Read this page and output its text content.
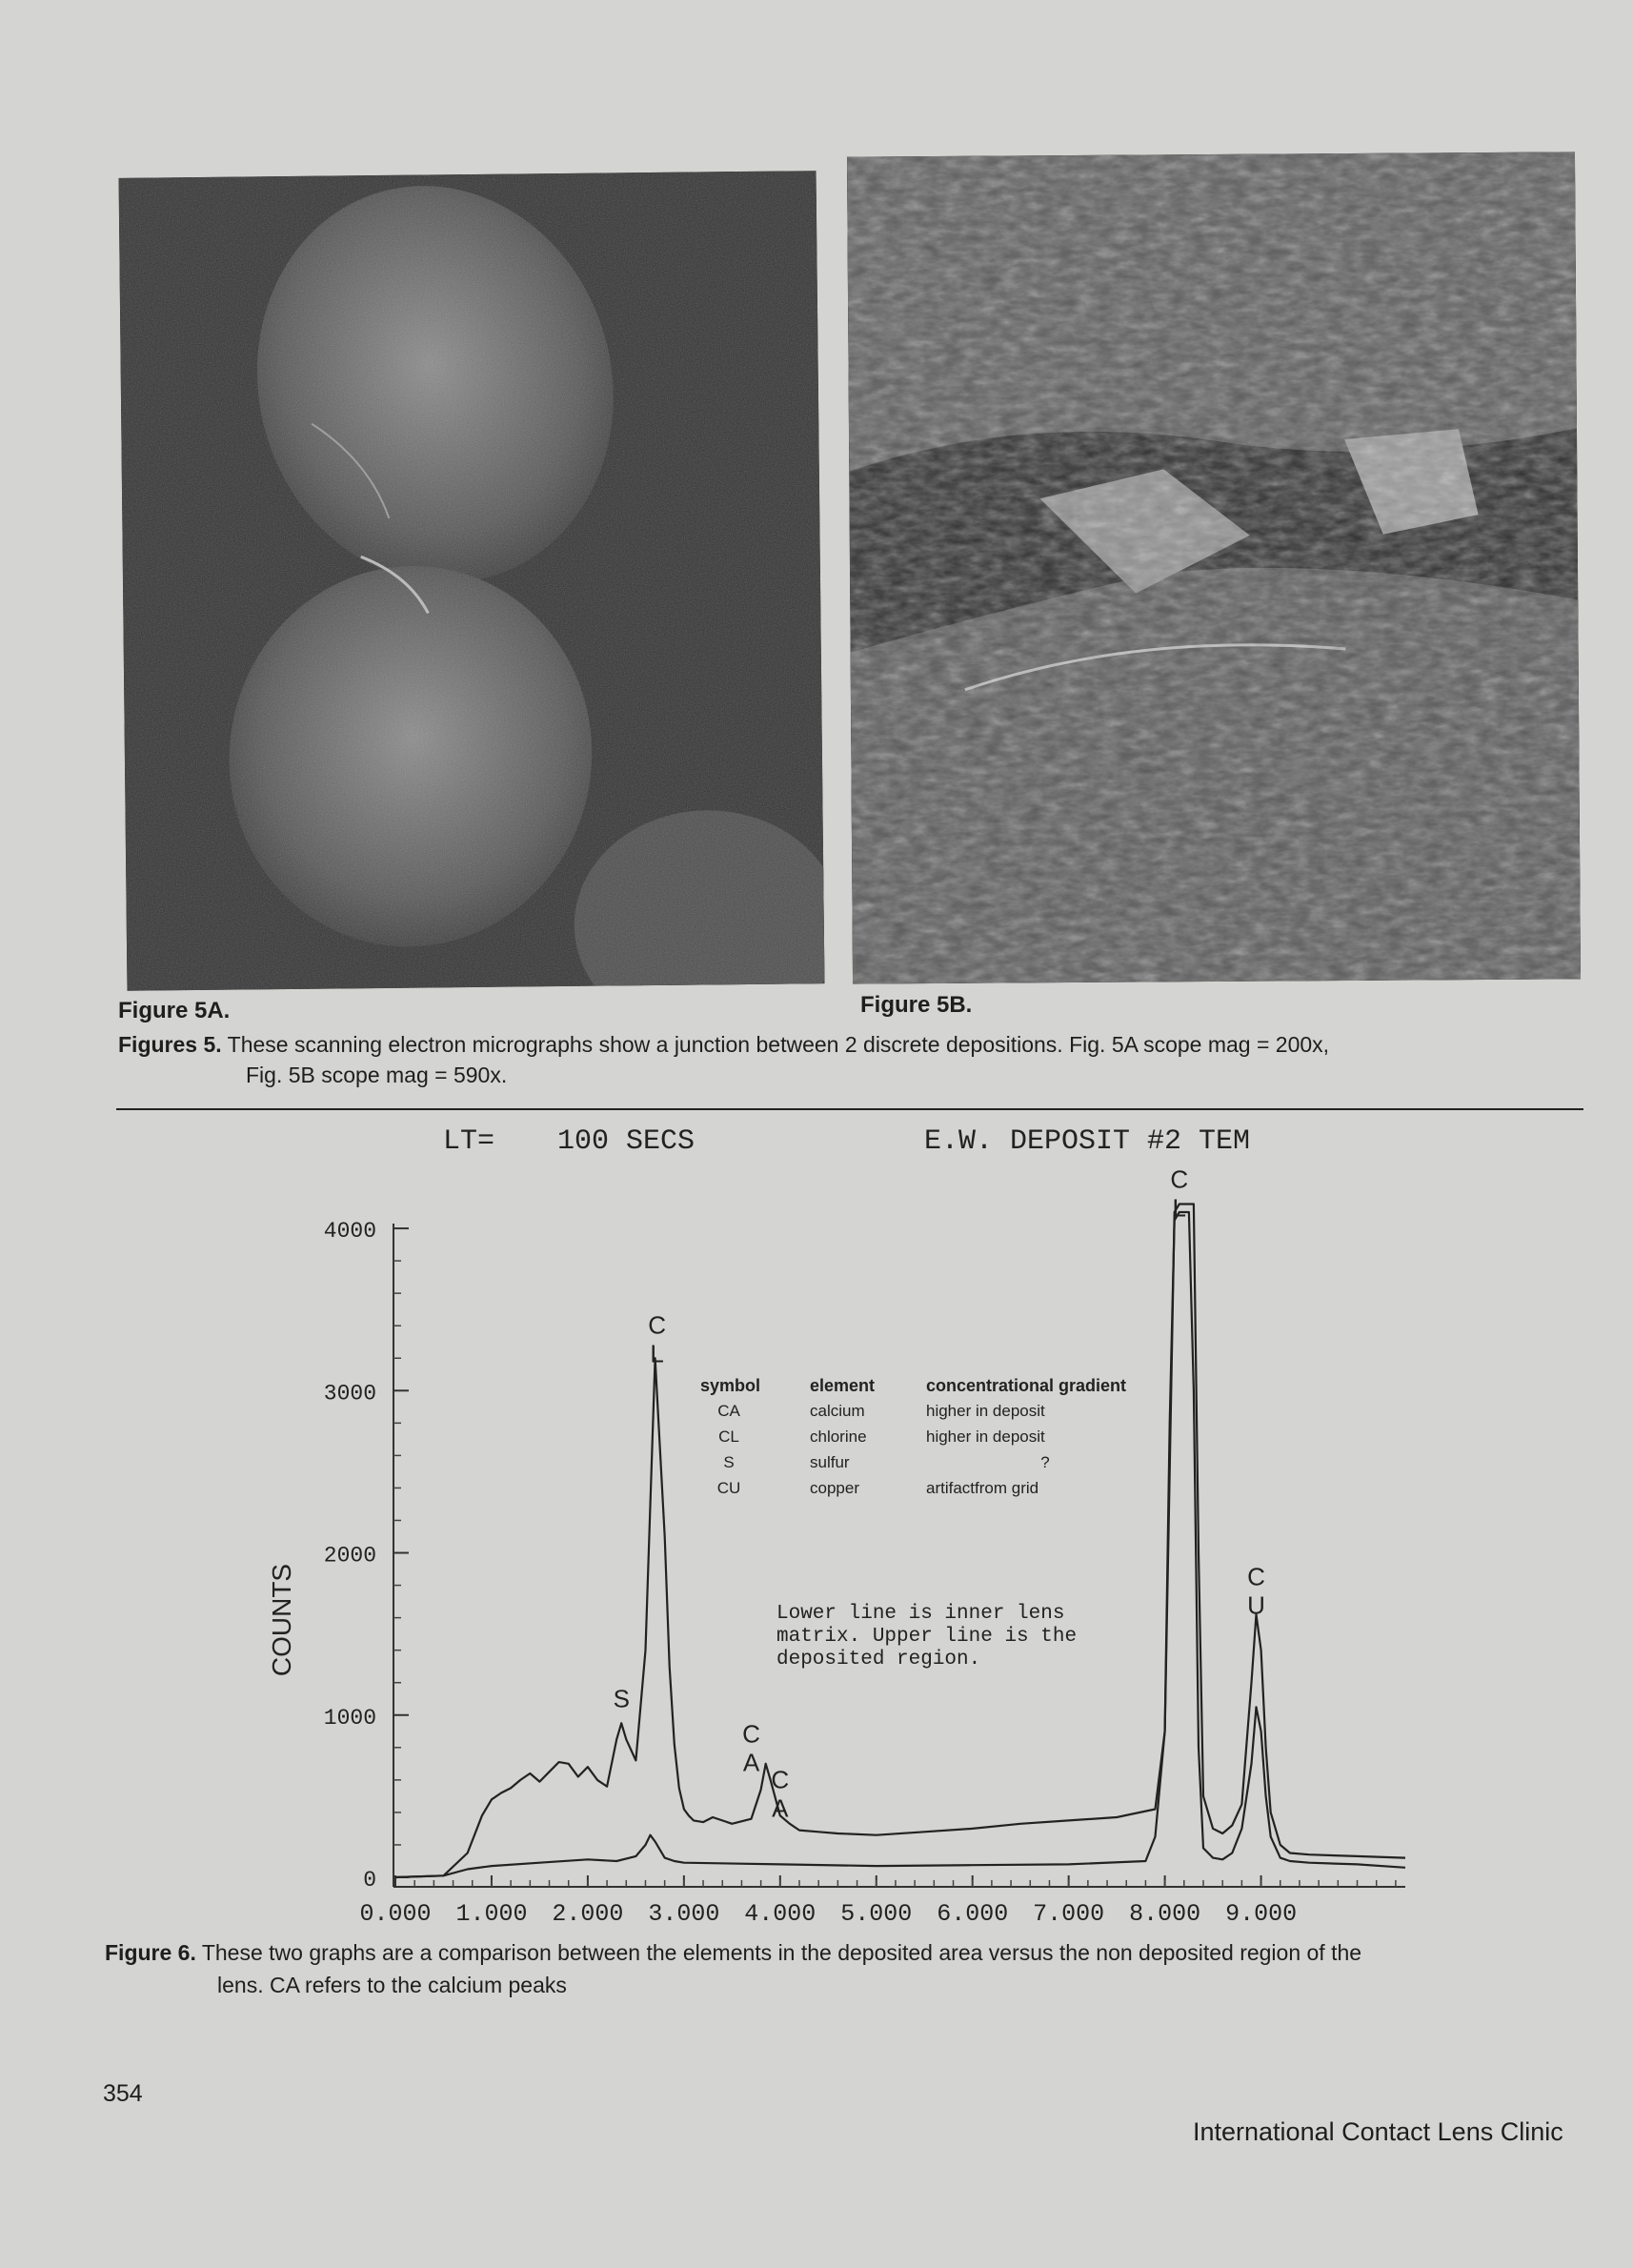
Figure 5A.	Figure 5B.
Figures 5. These scanning electron micrographs show a junction between 2 discrete depositions. Fig. 5A scope mag = 200x,
Fig. 5B scope mag = 590x.
LT= 100 SECS	E.W. DEPOSIT #2 TEM
COUNTS
0
1000
2000
3000
4000
0.000 1.000 2.000 3.000 4.000 5.000 6.000 7.000 8.000 9.000
S
C L
C A
C A
C L
C U
symbol	element	concentrational gradient
CA	calcium	higher in deposit
CL	chlorine	higher in deposit
S	sulfur	?
CU	copper	artifactfrom grid
Lower line is inner lens
matrix. Upper line is the
deposited region.
Figure 6. These two graphs are a comparison between the elements in the deposited area versus the non deposited region of the
lens. CA refers to the calcium peaks
354
International Contact Lens Clinic
